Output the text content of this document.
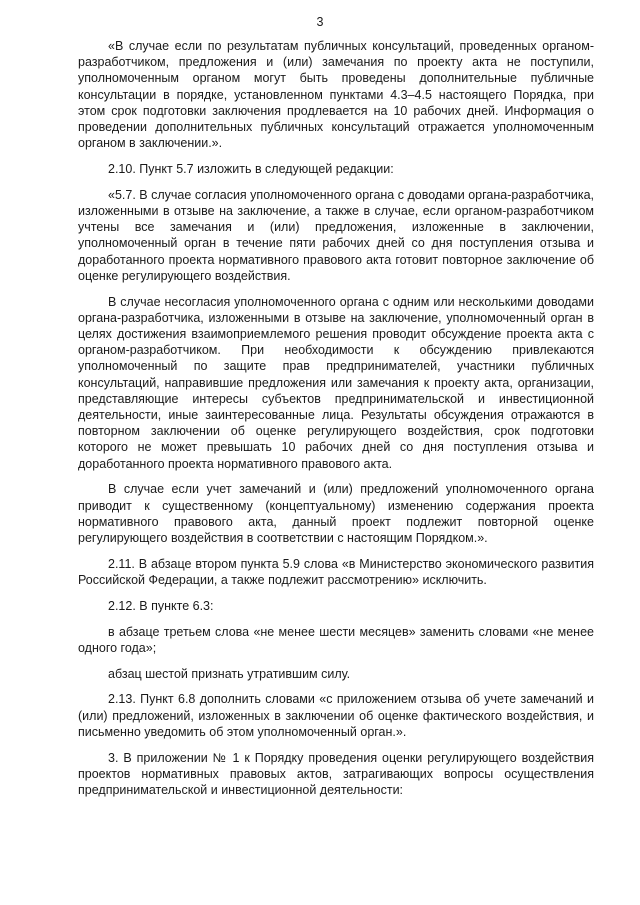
3

«В случае если по результатам публичных консультаций, проведенных органом-разработчиком, предложения и (или) замечания по проекту акта не поступили, уполномоченным органом могут быть проведены дополнительные публичные консультации в порядке, установленном пунктами 4.3–4.5 настоящего Порядка, при этом срок подготовки заключения продлевается на 10 рабочих дней. Информация о проведении дополнительных публичных консультаций отражается уполномоченным органом в заключении.».

2.10. Пункт 5.7 изложить в следующей редакции:

«5.7. В случае согласия уполномоченного органа с доводами органа-разработчика, изложенными в отзыве на заключение, а также в случае, если органом-разработчиком учтены все замечания и (или) предложения, изложенные в заключении, уполномоченный орган в течение пяти рабочих дней со дня поступления отзыва и доработанного проекта нормативного правового акта готовит повторное заключение об оценке регулирующего воздействия.

В случае несогласия уполномоченного органа с одним или несколькими доводами органа-разработчика, изложенными в отзыве на заключение, уполномоченный орган в целях достижения взаимоприемлемого решения проводит обсуждение проекта акта с органом-разработчиком. При необходимости к обсуждению привлекаются уполномоченный по защите прав предпринимателей, участники публичных консультаций, направившие предложения или замечания к проекту акта, организации, представляющие интересы субъектов предпринимательской и инвестиционной деятельности, иные заинтересованные лица. Результаты обсуждения отражаются в повторном заключении об оценке регулирующего воздействия, срок подготовки которого не может превышать 10 рабочих дней со дня поступления отзыва и доработанного проекта нормативного правового акта.

В случае если учет замечаний и (или) предложений уполномоченного органа приводит к существенному (концептуальному) изменению содержания проекта нормативного правового акта, данный проект подлежит повторной оценке регулирующего воздействия в соответствии с настоящим Порядком.».

2.11. В абзаце втором пункта 5.9 слова «в Министерство экономического развития Российской Федерации, а также подлежит рассмотрению» исключить.

2.12. В пункте 6.3:

в абзаце третьем слова «не менее шести месяцев» заменить словами «не менее одного года»;

абзац шестой признать утратившим силу.

2.13. Пункт 6.8 дополнить словами «с приложением отзыва об учете замечаний и (или) предложений, изложенных в заключении об оценке фактического воздействия, и письменно уведомить об этом уполномоченный орган.».

3. В приложении № 1 к Порядку проведения оценки регулирующего воздействия проектов нормативных правовых актов, затрагивающих вопросы осуществления предпринимательской и инвестиционной деятельности:
